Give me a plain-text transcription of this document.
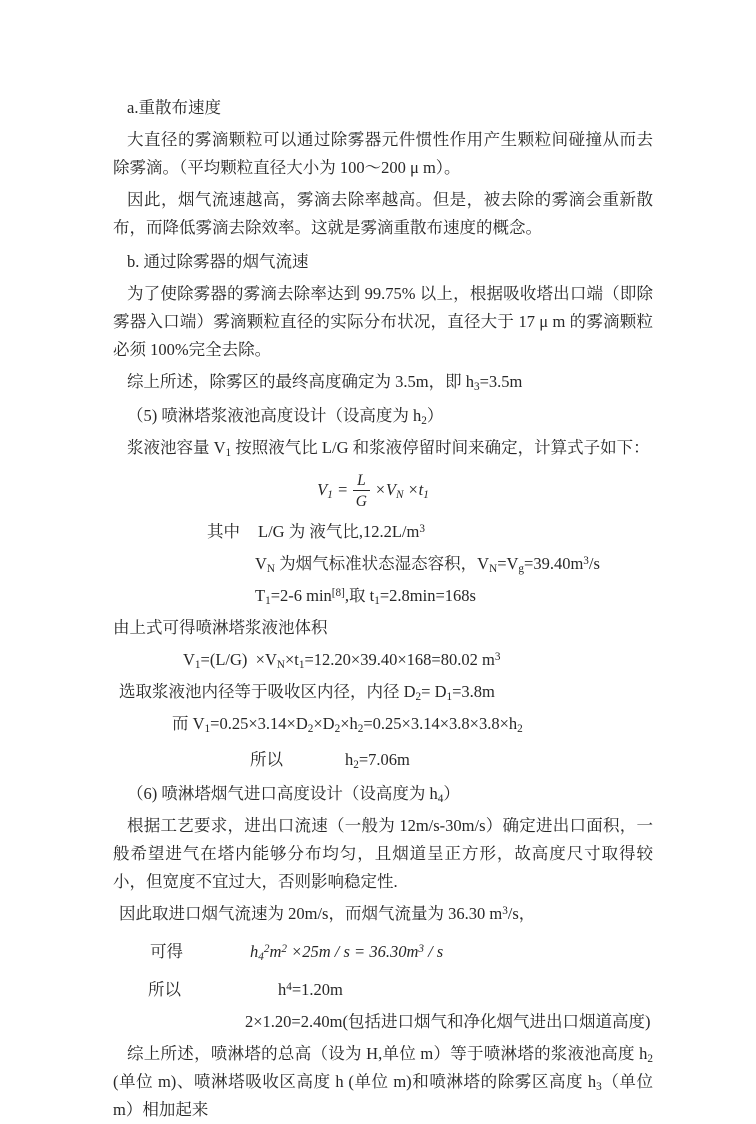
a.重散布速度

大直径的雾滴颗粒可以通过除雾器元件惯性作用产生颗粒间碰撞从而去除雾滴。（平均颗粒直径大小为 100～200 μ m）。

因此，烟气流速越高，雾滴去除率越高。但是，被去除的雾滴会重新散布，而降低雾滴去除效率。这就是雾滴重散布速度的概念。

b. 通过除雾器的烟气流速

为了使除雾器的雾滴去除率达到 99.75% 以上，根据吸收塔出口端（即除雾器入口端）雾滴颗粒直径的实际分布状况，直径大于 17 μ m 的雾滴颗粒必须 100%完全去除。

综上所述，除雾区的最终高度确定为 3.5m，即 $h_3=3.5m$

（5) 喷淋塔浆液池高度设计（设高度为 $h_2$）

浆液池容量 $V_1$ 按照液气比 L/G 和浆液停留时间来确定，计算式子如下：

$V_1 = \frac{L}{G} \times V_N \times t_1$
其中 L/G 为 液气比$,12.2L/m^3$
$V_N$ 为烟气标准状态湿态容积，$V_N=V_g=39.40m^3/s$
$T_1=2-6$ min[8],取 $t_1=2.8\min=168s$

由上式可得喷淋塔浆液池体积

$V_1=(L/G) \times V_N\times t_1=12.20\times 39.40\times 168=80.02$ $m^3$

选取浆液池内径等于吸收区内径，内径 $D_2= D_1=3.8m$

而 $V_1=0.25\times 3.14\times D_2\times D_2\times h_2=0.25\times 3.14\times 3.8\times 3.8\times h_2$
所以	$h_2=7.06m$

（6) 喷淋塔烟气进口高度设计（设高度为 $h_4$）

根据工艺要求，进出口流速（一般为 12m/s-30m/s）确定进出口面积，一般希望进气在塔内能够分布均匀，且烟道呈正方形，故高度尺寸取得较小，但宽度不宜过大，否则影响稳定性.

因此取进口烟气流速为 20m/s，而烟气流量为 36.30 $m^3/s$，

可得	$h_4^2m^2 \times 25m / s = 36.30m^3 / s$
所以	$h^4=1.20m$
2×1.20=2.40m(包括进口烟气和净化烟气进出口烟道高度)

综上所述，喷淋塔的总高（设为 H,单位 m）等于喷淋塔的浆液池高度 $h_2$ (单位 m)、喷淋塔吸收区高度 h (单位 m)和喷淋塔的除雾区高度 $h_3$（单位 m）相加起来
